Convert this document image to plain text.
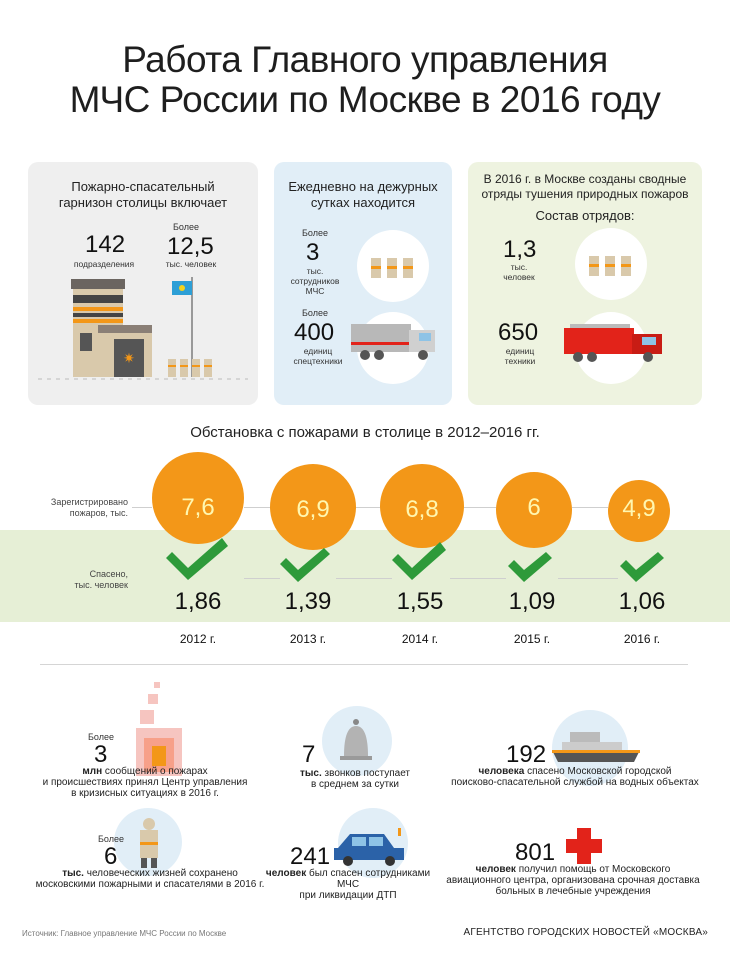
Работа Главного управления
МЧС России по Москве в 2016 году
Пожарно-спасательный
гарнизон столицы включает
142
подразделения
Более
12,5
тыс. человек
✷
Ежедневно на дежурных
сутках находится
Более
3
тыс.
сотрудников
МЧС
Более
400
единиц
спецтехники
В 2016 г. в Москве созданы сводные
отряды тушения природных пожаров
Состав отрядов:
1,3
тыс.
человек
650
единиц
техники
Обстановка с пожарами в столице в 2012–2016 гг.
Зарегистрировано
пожаров, тыс.
Спасено,
тыс. человек
7,6	6,9	6,8	6	4,9
1,86	1,39	1,55	1,09	1,06
2012 г.	2013 г.	2014 г.	2015 г.	2016 г.
Более
3
млн сообщений о пожарах
и происшествиях принял Центр управления
в кризисных ситуациях в 2016 г.
7
тыс. звонков поступает
в среднем за сутки
192
человека спасено Московской городской
поисково-спасательной службой на водных объектах
Более
6
тыс. человеческих жизней сохранено
московскими пожарными и спасателями в 2016 г.
241
человек был спасен сотрудниками МЧС
при ликвидации ДТП
801
человек получил помощь от Московского
авиационного центра, организована срочная доставка
больных в лечебные учреждения
Источник: Главное управление МЧС России по Москве	АГЕНТСТВО ГОРОДСКИХ НОВОСТЕЙ «МОСКВА»
